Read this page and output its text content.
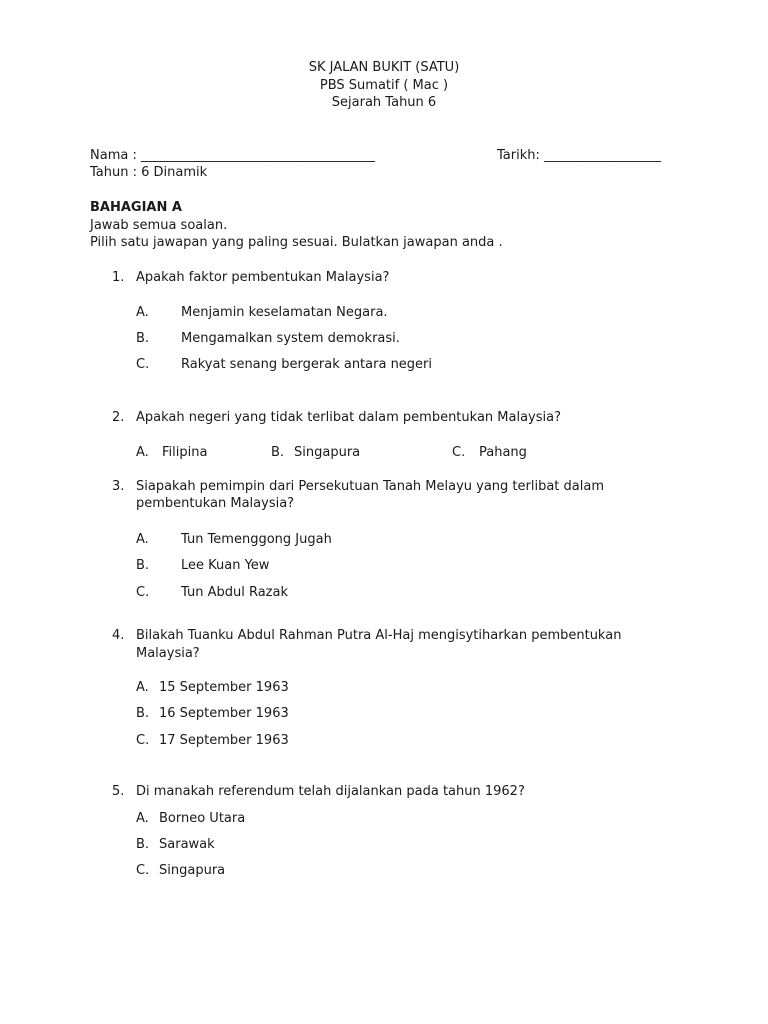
SK JALAN BUKIT (SATU)
PBS Sumatif ( Mac )
Sejarah Tahun 6
Nama : ____________________________________	Tarikh: __________________
Tahun : 6 Dinamik
BAHAGIAN A
Jawab semua soalan.
Pilih satu jawapan yang paling sesuai. Bulatkan jawapan anda .
1. Apakah faktor pembentukan Malaysia?
A. Menjamin keselamatan Negara.
B. Mengamalkan system demokrasi.
C. Rakyat senang bergerak antara negeri
2. Apakah negeri yang tidak terlibat dalam pembentukan Malaysia?
A. Filipina	B. Singapura	C. Pahang
3. Siapakah pemimpin dari Persekutuan Tanah Melayu yang terlibat dalam
pembentukan Malaysia?
A. Tun Temenggong Jugah
B. Lee Kuan Yew
C. Tun Abdul Razak
4. Bilakah Tuanku Abdul Rahman Putra Al-Haj mengisytiharkan pembentukan
Malaysia?
A. 15 September 1963
B. 16 September 1963
C. 17 September 1963
5. Di manakah referendum telah dijalankan pada tahun 1962?
A. Borneo Utara
B. Sarawak
C. Singapura
